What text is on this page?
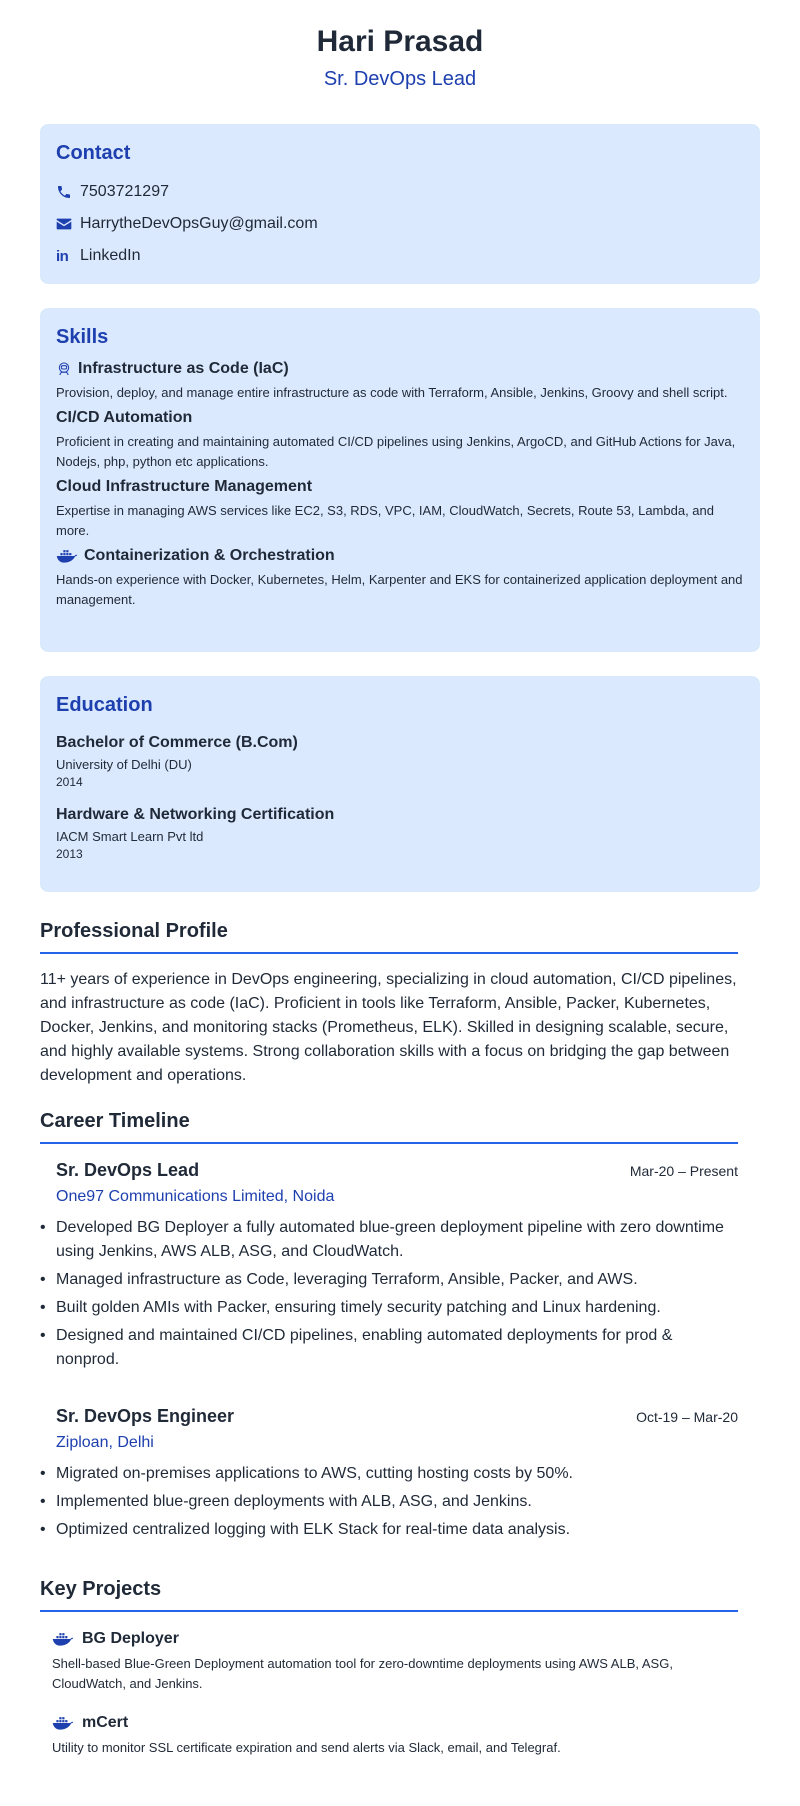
Hari Prasad
Sr. DevOps Lead
Contact
7503721297
HarrytheDevOpsGuy@gmail.com
in LinkedIn
Skills
Infrastructure as Code (IaC)
Provision, deploy, and manage entire infrastructure as code with Terraform, Ansible, Jenkins, Groovy and shell script.
CI/CD Automation
Proficient in creating and maintaining automated CI/CD pipelines using Jenkins, ArgoCD, and GitHub Actions for Java, Nodejs, php, python etc applications.
Cloud Infrastructure Management
Expertise in managing AWS services like EC2, S3, RDS, VPC, IAM, CloudWatch, Secrets, Route 53, Lambda, and more.
Containerization & Orchestration
Hands-on experience with Docker, Kubernetes, Helm, Karpenter and EKS for containerized application deployment and management.
Education
Bachelor of Commerce (B.Com)
University of Delhi (DU)
2014
Hardware & Networking Certification
IACM Smart Learn Pvt ltd
2013
Professional Profile
11+ years of experience in DevOps engineering, specializing in cloud automation, CI/CD pipelines, and infrastructure as code (IaC). Proficient in tools like Terraform, Ansible, Packer, Kubernetes, Docker, Jenkins, and monitoring stacks (Prometheus, ELK). Skilled in designing scalable, secure, and highly available systems. Strong collaboration skills with a focus on bridging the gap between development and operations.
Career Timeline
Sr. DevOps Lead	Mar-20 – Present
One97 Communications Limited, Noida
• Developed BG Deployer a fully automated blue-green deployment pipeline with zero downtime using Jenkins, AWS ALB, ASG, and CloudWatch.
• Managed infrastructure as Code, leveraging Terraform, Ansible, Packer, and AWS.
• Built golden AMIs with Packer, ensuring timely security patching and Linux hardening.
• Designed and maintained CI/CD pipelines, enabling automated deployments for prod & nonprod.
Sr. DevOps Engineer	Oct-19 – Mar-20
Ziploan, Delhi
• Migrated on-premises applications to AWS, cutting hosting costs by 50%.
• Implemented blue-green deployments with ALB, ASG, and Jenkins.
• Optimized centralized logging with ELK Stack for real-time data analysis.
Key Projects
BG Deployer
Shell-based Blue-Green Deployment automation tool for zero-downtime deployments using AWS ALB, ASG, CloudWatch, and Jenkins.
mCert
Utility to monitor SSL certificate expiration and send alerts via Slack, email, and Telegraf.
